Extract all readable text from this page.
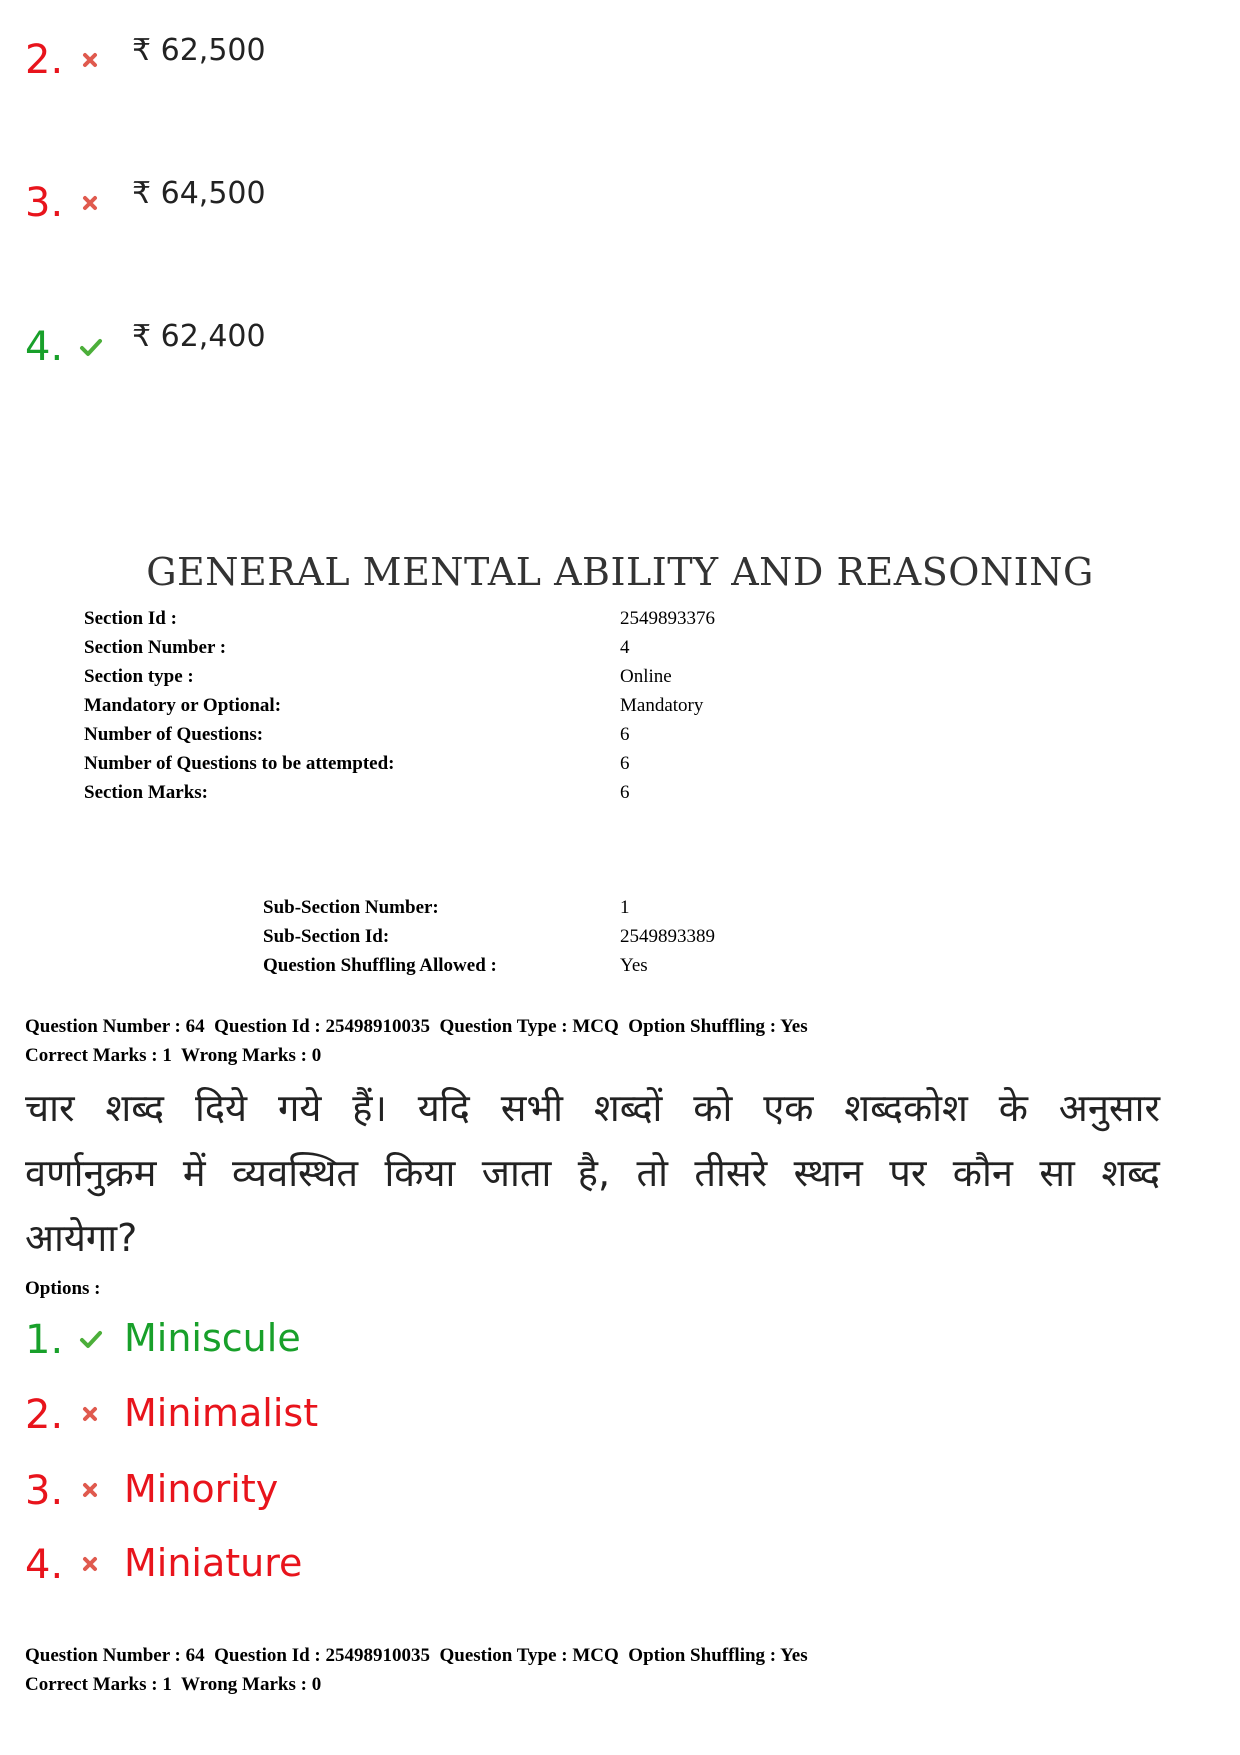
2. ₹ 62,500
3. ₹ 64,500
4. ₹ 62,400
GENERAL MENTAL ABILITY AND REASONING
Section Id :	2549893376
Section Number :	4
Section type :	Online
Mandatory or Optional:	Mandatory
Number of Questions:	6
Number of Questions to be attempted:	6
Section Marks:	6
Sub-Section Number:	1
Sub-Section Id:	2549893389
Question Shuffling Allowed :	Yes
Question Number : 64  Question Id : 25498910035  Question Type : MCQ  Option Shuffling : Yes
Correct Marks : 1  Wrong Marks : 0
चार शब्द दिये गये हैं। यदि सभी शब्दों को एक शब्दकोश के अनुसार वर्णानुक्रम में व्यवस्थित किया जाता है, तो तीसरे स्थान पर कौन सा शब्द आयेगा?
Options :
1. Miniscule
2. Minimalist
3. Minority
4. Miniature
Question Number : 64  Question Id : 25498910035  Question Type : MCQ  Option Shuffling : Yes
Correct Marks : 1  Wrong Marks : 0
